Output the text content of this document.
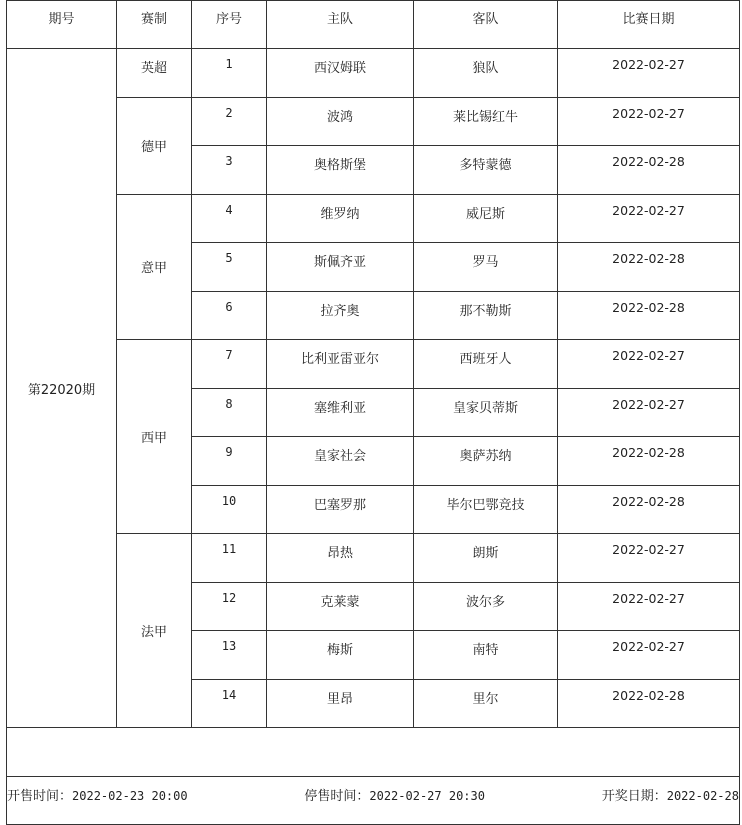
期号	赛制	序号	主队	客队	比赛日期
第22020期	英超	1	西汉姆联	狼队	2022-02-27
	德甲	2	波鸿	莱比锡红牛	2022-02-27
		3	奥格斯堡	多特蒙德	2022-02-28
	意甲	4	维罗纳	威尼斯	2022-02-27
		5	斯佩齐亚	罗马	2022-02-28
		6	拉齐奥	那不勒斯	2022-02-28
	西甲	7	比利亚雷亚尔	西班牙人	2022-02-27
		8	塞维利亚	皇家贝蒂斯	2022-02-27
		9	皇家社会	奥萨苏纳	2022-02-28
		10	巴塞罗那	毕尔巴鄂竞技	2022-02-28
	法甲	11	昂热	朗斯	2022-02-27
		12	克莱蒙	波尔多	2022-02-27
		13	梅斯	南特	2022-02-27
		14	里昂	里尔	2022-02-28

开售时间：2022-02-23 20:00 停售时间：2022-02-27 20:30 开奖日期：2022-02-28					
